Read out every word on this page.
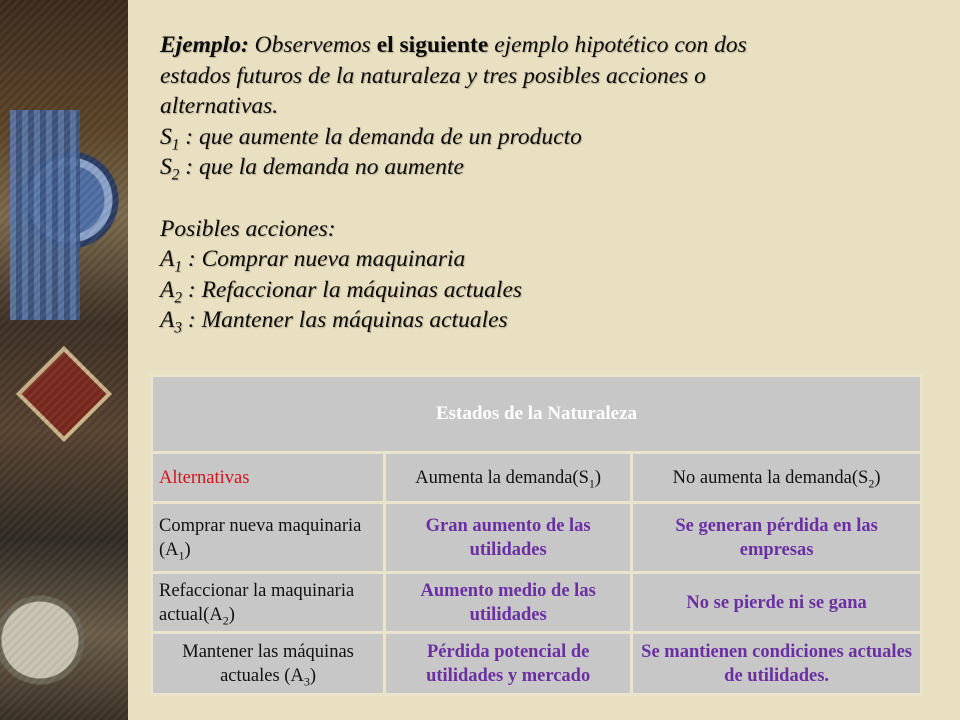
Ejemplo: Observemos el siguiente ejemplo hipotético con dos
estados futuros de la naturaleza y tres posibles acciones o
alternativas.
$S_1$ : que aumente la demanda de un producto
$S_2$ : que la demanda no aumente
Posibles acciones:
$A_1$ : Comprar nueva maquinaria
$A_2$ : Refaccionar la máquinas actuales
$A_3$ : Mantener las máquinas actuales
Estados de la Naturaleza		
Alternativas	Aumenta la $demanda(S_1)$	No aumenta la $demanda(S_2)$
Comprar nueva maquinaria $(A_1)$	Gran aumento de las utilidades	Se generan pérdida en las empresas
Refaccionar la maquinaria $actual(A_2)$	Aumento medio de las utilidades	No se pierde ni se gana
Mantener las máquinas actuales $(A_3)$	Pérdida potencial de utilidades y mercado	Se mantienen condiciones actuales de utilidades.
